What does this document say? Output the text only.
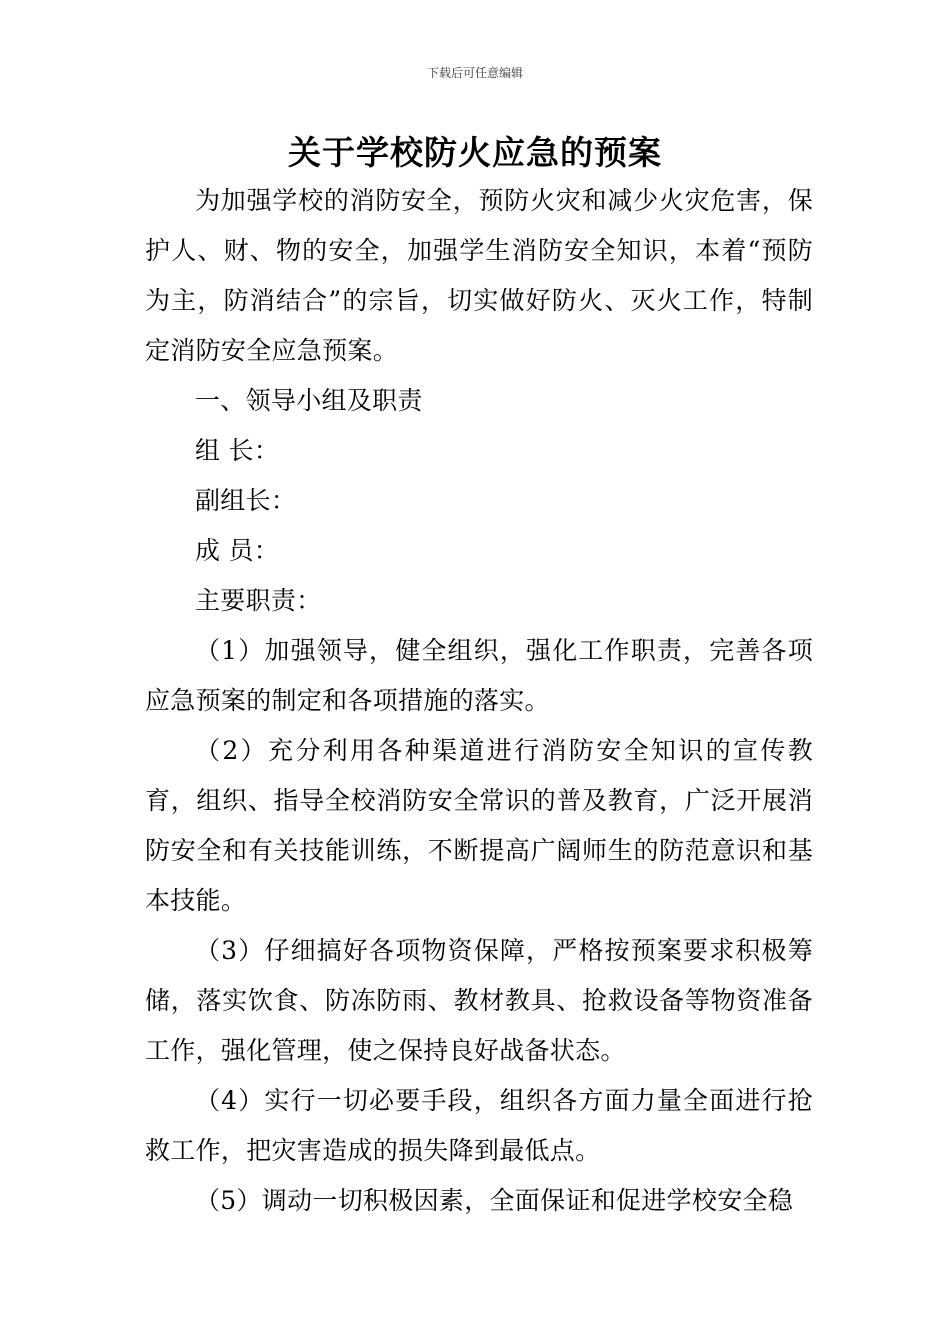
下载后可任意编辑
关于学校防火应急的预案

为加强学校的消防安全，预防火灾和减少火灾危害，保护人、财、物的安全，加强学生消防安全知识，本着“预防为主，防消结合”的宗旨，切实做好防火、灭火工作，特制定消防安全应急预案。

一、领导小组及职责

组 长：

副组长：

成 员：

主要职责：

（1）加强领导，健全组织，强化工作职责，完善各项应急预案的制定和各项措施的落实。

（2）充分利用各种渠道进行消防安全知识的宣传教育，组织、指导全校消防安全常识的普及教育，广泛开展消防安全和有关技能训练，不断提高广阔师生的防范意识和基本技能。

（3）仔细搞好各项物资保障，严格按预案要求积极筹储，落实饮食、防冻防雨、教材教具、抢救设备等物资准备工作，强化管理，使之保持良好战备状态。

（4）实行一切必要手段，组织各方面力量全面进行抢救工作，把灾害造成的损失降到最低点。

（5）调动一切积极因素，全面保证和促进学校安全稳
